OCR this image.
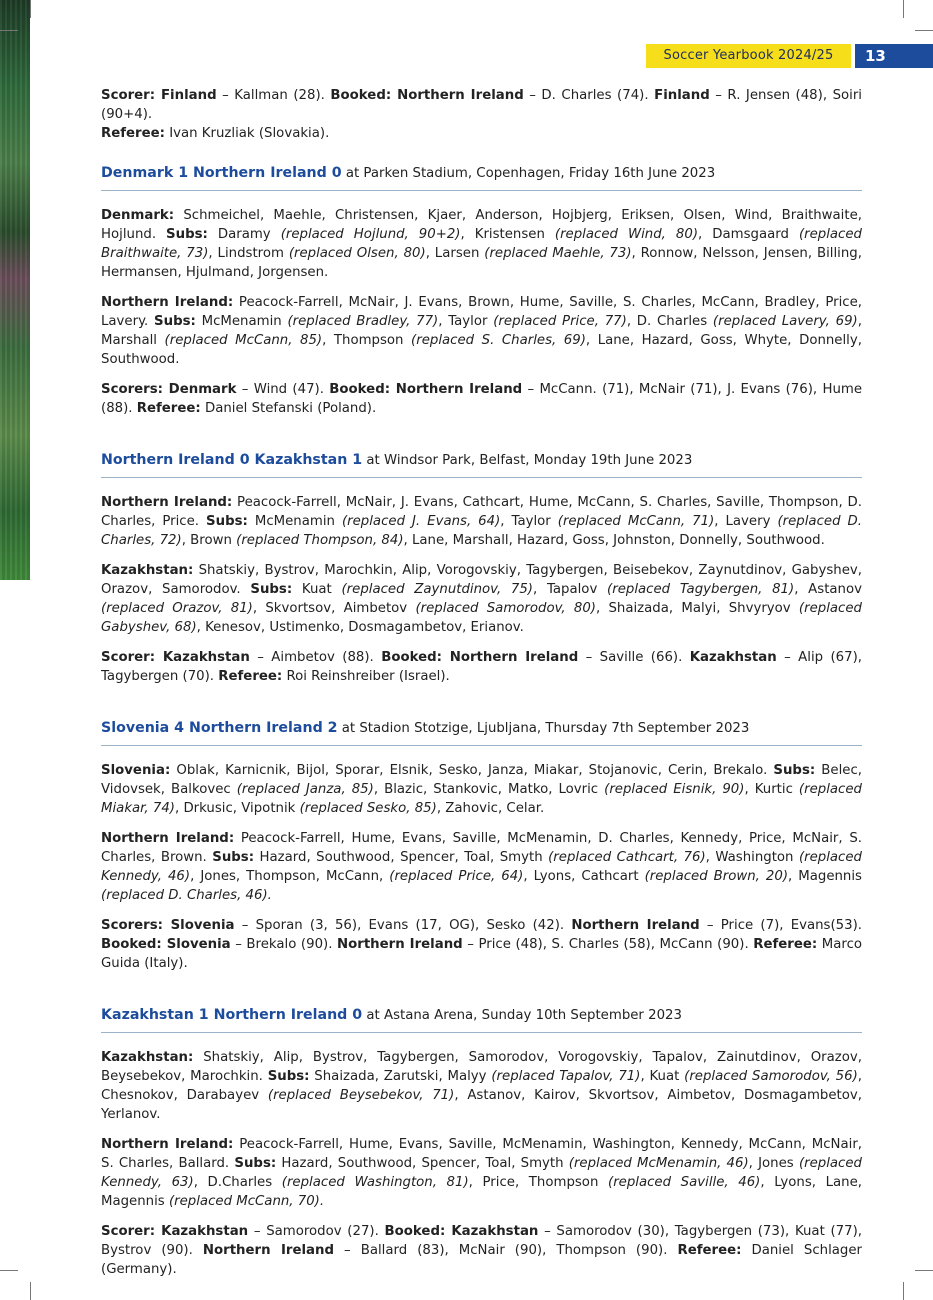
Soccer Yearbook 2024/25	13

Scorer: Finland – Kallman (28). Booked: Northern Ireland – D. Charles (74). Finland – R. Jensen (48), Soiri (90+4).
Referee: Ivan Kruzliak (Slovakia).

Denmark 1 Northern Ireland 0 at Parken Stadium, Copenhagen, Friday 16th June 2023

Denmark: Schmeichel, Maehle, Christensen, Kjaer, Anderson, Hojbjerg, Eriksen, Olsen, Wind, Braithwaite, Hojlund. Subs: Daramy (replaced Hojlund, 90+2), Kristensen (replaced Wind, 80), Damsgaard (replaced Braithwaite, 73), Lindstrom (replaced Olsen, 80), Larsen (replaced Maehle, 73), Ronnow, Nelsson, Jensen, Billing, Hermansen, Hjulmand, Jorgensen.

Northern Ireland: Peacock-Farrell, McNair, J. Evans, Brown, Hume, Saville, S. Charles, McCann, Bradley, Price, Lavery. Subs: McMenamin (replaced Bradley, 77), Taylor (replaced Price, 77), D. Charles (replaced Lavery, 69), Marshall (replaced McCann, 85), Thompson (replaced S. Charles, 69), Lane, Hazard, Goss, Whyte, Donnelly, Southwood.

Scorers: Denmark – Wind (47). Booked: Northern Ireland – McCann. (71), McNair (71), J. Evans (76), Hume (88). Referee: Daniel Stefanski (Poland).

Northern Ireland 0 Kazakhstan 1 at Windsor Park, Belfast, Monday 19th June 2023

Northern Ireland: Peacock-Farrell, McNair, J. Evans, Cathcart, Hume, McCann, S. Charles, Saville, Thompson, D. Charles, Price. Subs: McMenamin (replaced J. Evans, 64), Taylor (replaced McCann, 71), Lavery (replaced D. Charles, 72), Brown (replaced Thompson, 84), Lane, Marshall, Hazard, Goss, Johnston, Donnelly, Southwood.

Kazakhstan: Shatskiy, Bystrov, Marochkin, Alip, Vorogovskiy, Tagybergen, Beisebekov, Zaynutdinov, Gabyshev, Orazov, Samorodov. Subs: Kuat (replaced Zaynutdinov, 75), Tapalov (replaced Tagybergen, 81), Astanov (replaced Orazov, 81), Skvortsov, Aimbetov (replaced Samorodov, 80), Shaizada, Malyi, Shvyryov (replaced Gabyshev, 68), Kenesov, Ustimenko, Dosmagambetov, Erianov.

Scorer: Kazakhstan – Aimbetov (88). Booked: Northern Ireland – Saville (66). Kazakhstan – Alip (67), Tagybergen (70). Referee: Roi Reinshreiber (Israel).

Slovenia 4 Northern Ireland 2 at Stadion Stotzige, Ljubljana, Thursday 7th September 2023

Slovenia: Oblak, Karnicnik, Bijol, Sporar, Elsnik, Sesko, Janza, Miakar, Stojanovic, Cerin, Brekalo. Subs: Belec, Vidovsek, Balkovec (replaced Janza, 85), Blazic, Stankovic, Matko, Lovric (replaced Eisnik, 90), Kurtic (replaced Miakar, 74), Drkusic, Vipotnik (replaced Sesko, 85), Zahovic, Celar.

Northern Ireland: Peacock-Farrell, Hume, Evans, Saville, McMenamin, D. Charles, Kennedy, Price, McNair, S. Charles, Brown. Subs: Hazard, Southwood, Spencer, Toal, Smyth (replaced Cathcart, 76), Washington (replaced Kennedy, 46), Jones, Thompson, McCann, (replaced Price, 64), Lyons, Cathcart (replaced Brown, 20), Magennis (replaced D. Charles, 46).

Scorers: Slovenia – Sporan (3, 56), Evans (17, OG), Sesko (42). Northern Ireland – Price (7), Evans(53). Booked: Slovenia – Brekalo (90). Northern Ireland – Price (48), S. Charles (58), McCann (90). Referee: Marco Guida (Italy).

Kazakhstan 1 Northern Ireland 0 at Astana Arena, Sunday 10th September 2023

Kazakhstan: Shatskiy, Alip, Bystrov, Tagybergen, Samorodov, Vorogovskiy, Tapalov, Zainutdinov, Orazov, Beysebekov, Marochkin. Subs: Shaizada, Zarutski, Malyy (replaced Tapalov, 71), Kuat (replaced Samorodov, 56), Chesnokov, Darabayev (replaced Beysebekov, 71), Astanov, Kairov, Skvortsov, Aimbetov, Dosmagambetov, Yerlanov.

Northern Ireland: Peacock-Farrell, Hume, Evans, Saville, McMenamin, Washington, Kennedy, McCann, McNair, S. Charles, Ballard. Subs: Hazard, Southwood, Spencer, Toal, Smyth (replaced McMenamin, 46), Jones (replaced Kennedy, 63), D.Charles (replaced Washington, 81), Price, Thompson (replaced Saville, 46), Lyons, Lane, Magennis (replaced McCann, 70).

Scorer: Kazakhstan – Samorodov (27). Booked: Kazakhstan – Samorodov (30), Tagybergen (73), Kuat (77), Bystrov (90). Northern Ireland – Ballard (83), McNair (90), Thompson (90). Referee: Daniel Schlager (Germany).
